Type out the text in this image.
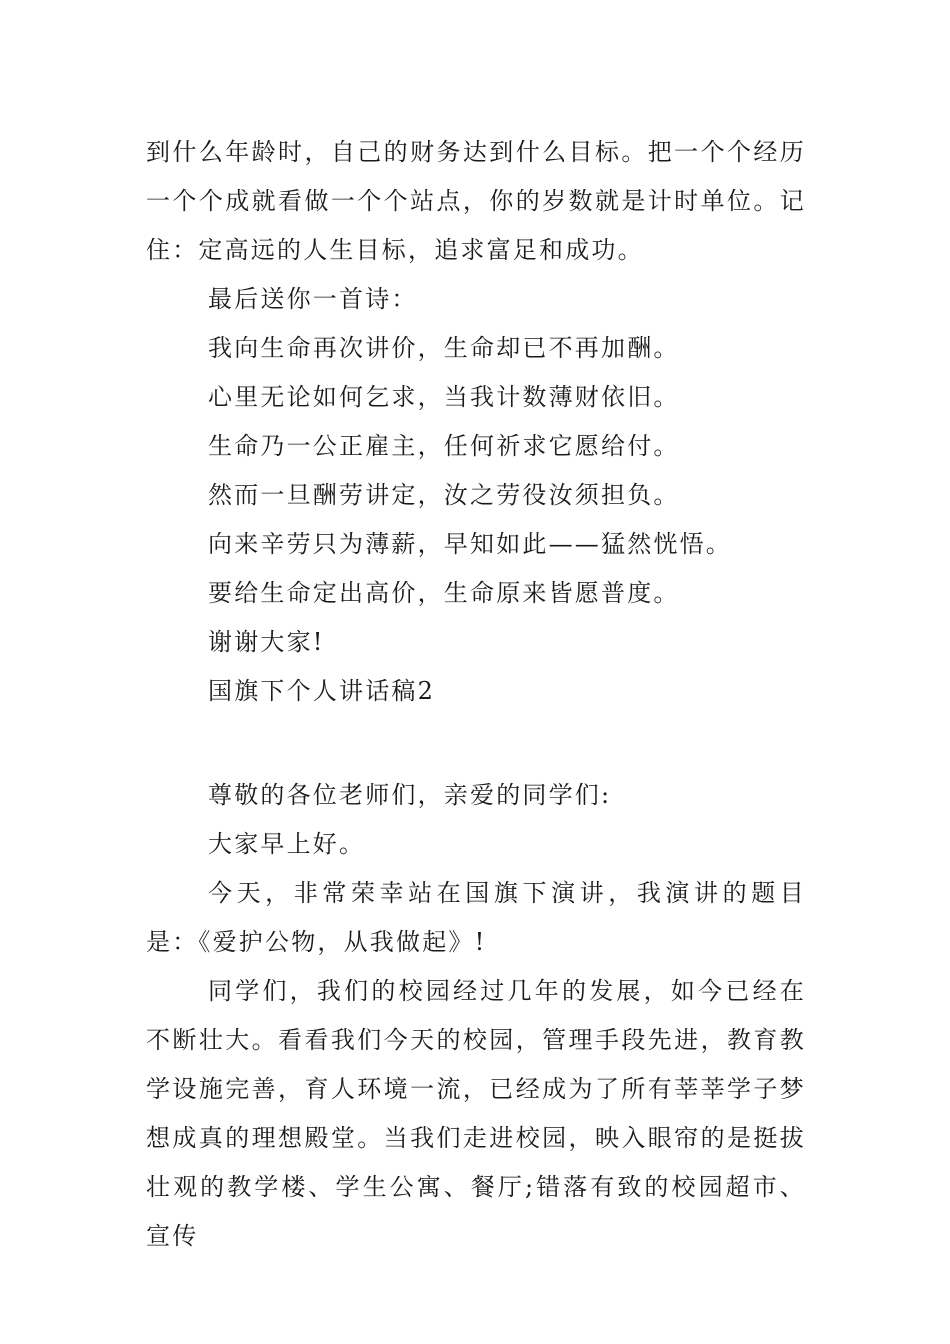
到什么年龄时，自己的财务达到什么目标。把一个个经历一个个成就看做一个个站点，你的岁数就是计时单位。记住：定高远的人生目标，追求富足和成功。

最后送你一首诗：

我向生命再次讲价，生命却已不再加酬。

心里无论如何乞求，当我计数薄财依旧。

生命乃一公正雇主，任何祈求它愿给付。

然而一旦酬劳讲定，汝之劳役汝须担负。

向来辛劳只为薄薪，早知如此——猛然恍悟。

要给生命定出高价，生命原来皆愿普度。

谢谢大家!

国旗下个人讲话稿2

尊敬的各位老师们，亲爱的同学们:

大家早上好。

今天，非常荣幸站在国旗下演讲，我演讲的题目是：《爱护公物，从我做起》!

同学们，我们的校园经过几年的发展，如今已经在不断壮大。看看我们今天的校园，管理手段先进，教育教学设施完善，育人环境一流，已经成为了所有莘莘学子梦想成真的理想殿堂。当我们走进校园，映入眼帘的是挺拔壮观的教学楼、学生公寓、餐厅;错落有致的校园超市、宣传
